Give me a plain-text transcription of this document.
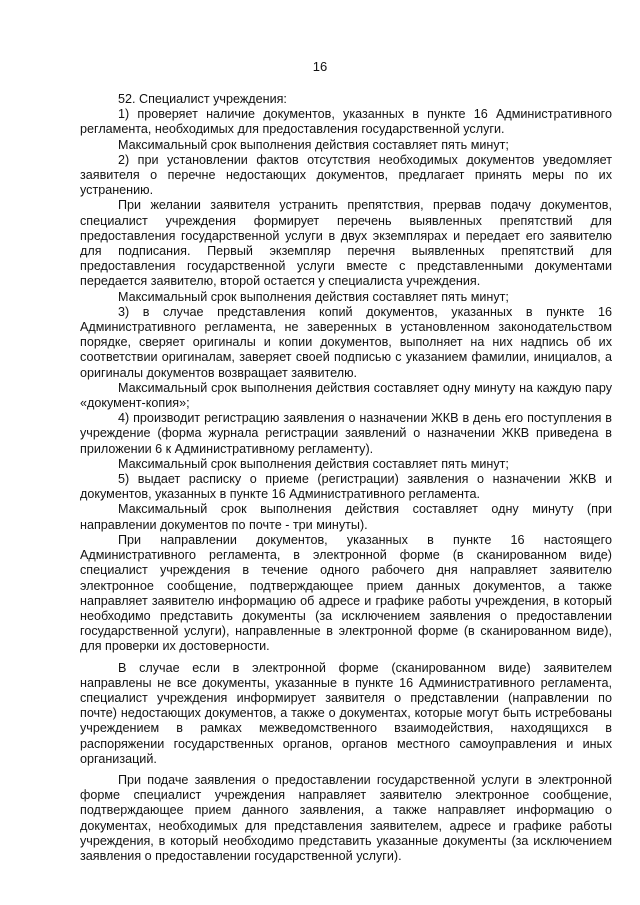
16

52. Специалист учреждения:

1) проверяет наличие документов, указанных в пункте 16 Административного регламента, необходимых для предоставления государственной услуги.

Максимальный срок выполнения действия составляет пять минут;

2) при установлении фактов отсутствия необходимых документов уведомляет заявителя о перечне недостающих документов, предлагает принять меры по их устранению.

При желании заявителя устранить препятствия, прервав подачу документов, специалист учреждения формирует перечень выявленных препятствий для предоставления государственной услуги в двух экземплярах и передает его заявителю для подписания. Первый экземпляр перечня выявленных препятствий для предоставления государственной услуги вместе с представленными документами передается заявителю, второй остается у специалиста учреждения.

Максимальный срок выполнения действия составляет пять минут;

3) в случае представления копий документов, указанных в пункте 16 Административного регламента, не заверенных в установленном законодательством порядке, сверяет оригиналы и копии документов, выполняет на них надпись об их соответствии оригиналам, заверяет своей подписью с указанием фамилии, инициалов, а оригиналы документов возвращает заявителю.

Максимальный срок выполнения действия составляет одну минуту на каждую пару «документ-копия»;

4) производит регистрацию заявления о назначении ЖКВ в день его поступления в учреждение (форма журнала регистрации заявлений о назначении ЖКВ приведена в приложении 6 к Административному регламенту).

Максимальный срок выполнения действия составляет пять минут;

5) выдает расписку о приеме (регистрации) заявления о назначении ЖКВ и документов, указанных в пункте 16 Административного регламента.

Максимальный срок выполнения действия составляет одну минуту (при направлении документов по почте - три минуты).

При направлении документов, указанных в пункте 16 настоящего Административного регламента, в электронной форме (в сканированном виде) специалист учреждения в течение одного рабочего дня направляет заявителю электронное сообщение, подтверждающее прием данных документов, а также направляет заявителю информацию об адресе и графике работы учреждения, в который необходимо представить документы (за исключением заявления о предоставлении государственной услуги), направленные в электронной форме (в сканированном виде), для проверки их достоверности.

В случае если в электронной форме (сканированном виде) заявителем направлены не все документы, указанные в пункте 16 Административного регламента, специалист учреждения информирует заявителя о представлении (направлении по почте) недостающих документов, а также о документах, которые могут быть истребованы учреждением в рамках межведомственного взаимодействия, находящихся в распоряжении государственных органов, органов местного самоуправления и иных организаций.

При подаче заявления о предоставлении государственной услуги в электронной форме специалист учреждения направляет заявителю электронное сообщение, подтверждающее прием данного заявления, а также направляет информацию о документах, необходимых для представления заявителем, адресе и графике работы учреждения, в который необходимо представить указанные документы (за исключением заявления о предоставлении государственной услуги).
